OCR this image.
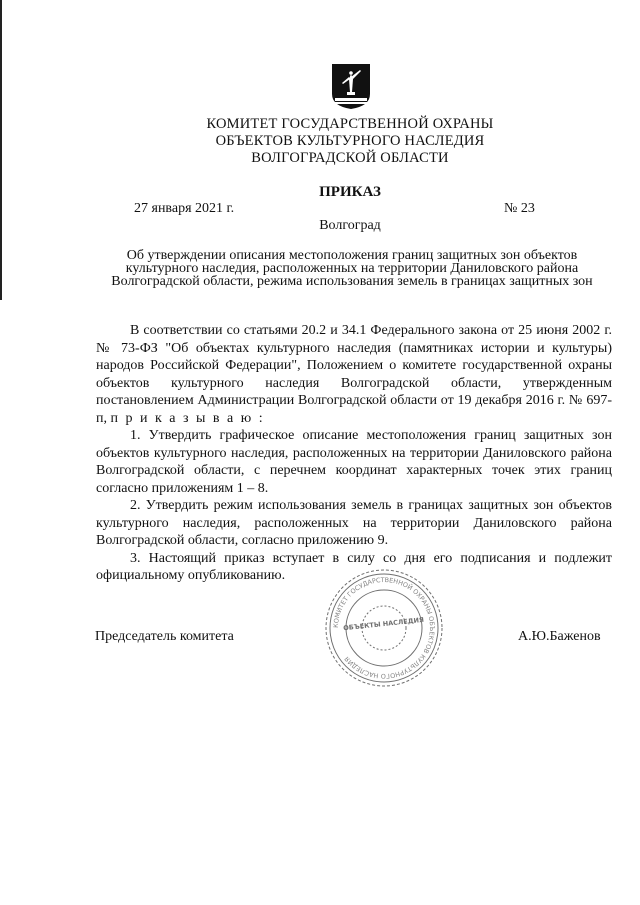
КОМИТЕТ ГОСУДАРСТВЕННОЙ ОХРАНЫ
ОБЪЕКТОВ КУЛЬТУРНОГО НАСЛЕДИЯ
ВОЛГОГРАДСКОЙ ОБЛАСТИ
ПРИКАЗ
27 января 2021 г.	№ 23
Волгоград

Об утверждении описания местоположения границ защитных зон объектов культурного наследия, расположенных на территории Даниловского района Волгоградской области, режима использования земель в границах защитных зон

В соответствии со статьями 20.2 и 34.1 Федерального закона от 25 июня 2002 г. № 73-ФЗ "Об объектах культурного наследия (памятниках истории и культуры) народов Российской Федерации", Положением о комитете государственной охраны объектов культурного наследия Волгоградской области, утвержденным постановлением Администрации Волгоградской области от 19 декабря 2016 г. № 697-п, п р и к а з ы в а ю :

1. Утвердить графическое описание местоположения границ защитных зон объектов культурного наследия, расположенных на территории Даниловского района Волгоградской области, с перечнем координат характерных точек этих границ согласно приложениям 1 – 8.

2. Утвердить режим использования земель в границах защитных зон объектов культурного наследия, расположенных на территории Даниловского района Волгоградской области, согласно приложению 9.

3. Настоящий приказ вступает в силу со дня его подписания и подлежит официальному опубликованию.

Председатель комитета	А.Ю.Баженов
КОМИТЕТ ГОСУДАРСТВЕННОЙ ОХРАНЫ ОБЪЕКТОВ КУЛЬТУРНОГО НАСЛЕДИЯ
ОБЪЕКТЫ НАСЛЕДИЯ
